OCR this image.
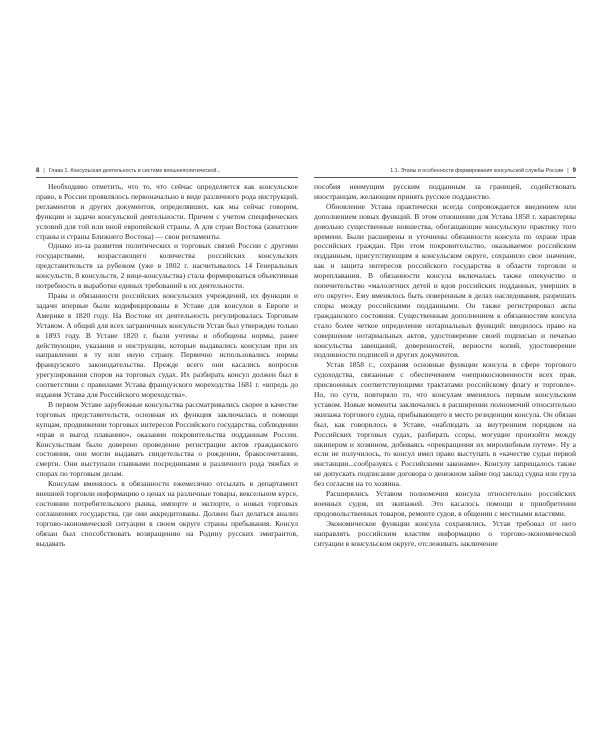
8 | Глава 1. Консульская деятельность в системе внешнеполитической...	1.1. Этапы и особенности формирования консульской службы России | 9

Необходимо отметить, что то, что сейчас определяется как консульское право, в России проявлялось первоначально в виде различного рода инструкций, регламентов и других документов, определявших, как мы сейчас говорим, функции и задачи консульской деятельности. Причем с учетом специфических условий для той или иной европейской страны. А для стран Востока (азиатские страны и страны Ближнего Востока) — свои регламенты.

Однако из-за развития политических и торговых связей России с другими государствами, возрастающего количества российских консульских представительств за рубежом (уже в 1802 г. насчитывалось 14 Генеральных консульств, 8 консульств, 2 вице-консульства) стала формироваться объективная потребность в выработке единых требований к их деятельности.

Права и обязанности российских консульских учреждений, их функции и задачи впервые были кодифицированы в Уставе для консулов в Европе и Америке в 1820 году. На Востоке их деятельность регулировалась Торговым Уставом. А общий для всех заграничных консульств Устав был утвержден только в 1893 году. В Уставе 1820 г. были учтены и обобщены нормы, ранее действующие, указания и инструкции, которые выдавались консулам при их направлении в ту или иную страну. Первично использовались нормы французского законодательства. Прежде всего они касались вопросов урегулирования споров на торговых судах. Их разбирать консул должен был в соответствии с правилами Устава французского мореходства 1681 г. «впредь до издания Устава для Российского мореходства».

В первом Уставе зарубежные консульства рассматривались скорее в качестве торговых представительств, основная их функция заключалась в помощи купцам, продвижении торговых интересов Российского государства, соблюдении «прав и выгод плаванию», оказании покровительства подданным России. Консульствам было доверено проведение регистрации актов гражданского состояния, они могли выдавать свидетельства о рождении, бракосочетании, смерти. Они выступали главными посредниками в различного рода тяжбах и спорах по торговым делам.

Консулам вменялось в обязанности ежемесячно отсылать в департамент внешней торговли информацию о ценах на различные товары, вексельном курсе, состоянии потребительского рынка, импорте и экспорте, о новых торговых соглашениях государства, где они аккредитованы. Должен был делаться анализ торгово-экономической ситуации в своем округе страны пребывания. Консул обязан был способствовать возвращению на Родину русских эмигрантов, выдавать

пособия неимущим русским подданным за границей, содействовать иностранцам, желающим принять русское подданство.

Обновление Устава практически всегда сопровождается введением или дополнением новых функций. В этом отношении для Устава 1858 г. характерны довольно существенные новшества, обогащающие консульскую практику того времени. Были расширены и уточнены обязанности консула по охране прав российских граждан. При этом покровительство, оказываемое российским подданным, присутствующим в консульском округе, сохранило свое значение, как и защита интересов российского государства в области торговли и мореплавания. В обязанности консула включалась также опекунство и попечительство «малолетних детей и вдов российских подданных, умерших в его округе». Ему вменялось быть поверенным в делах наследования, разрешать споры между российскими подданными. Он также регистрировал акты гражданского состояния. Существенным дополнением к обязанностям консула стало более четкое определение нотариальных функций: вводилось право на совершение нотариальных актов, удостоверение своей подписью и печатью консульства завещаний, доверенностей, верности копий, удостоверение подлинности подписей и других документов.

Устав 1858 г., сохраняя основные функции консула в сфере торгового судоходства, связанные с обеспечением «неприкосновенности всех прав, присвоенных соответствующими трактатами российскому флагу и торговле». Но, по сути, повторяло то, что консулам вменялось первым консульским уставом. Новые моменты заключались в расширении полномочий относительно экипажа торгового судна, прибывающего в место резиденции консула. Он обязан был, как говорилось в Уставе, «наблюдать за внутренним порядком на Российских торговых судах, разбирать ссоры, могущие произойти между шкипером и хозяином, добиваясь «прекращения их миролюбным путем». Ну а если не получилось, то консул имел право выступать в «качестве судьи первой инстанции...сообразуясь с Российскими законами». Консулу запрещалось также не допускать подписание договора о денежном займе под заклад судна или груза без согласия на то хозяина.

Расширялись Уставом полномочия консула относительно российских военных судов, их экипажей. Это касалось помощи в приобретении продовольственных товаров, ремонте судов, в общении с местными властями.

Экономические функции консула сохранялись. Устав требовал от него направлять российским властям информацию о торгово-экономической ситуации в консульском округе, отслеживать заключение
